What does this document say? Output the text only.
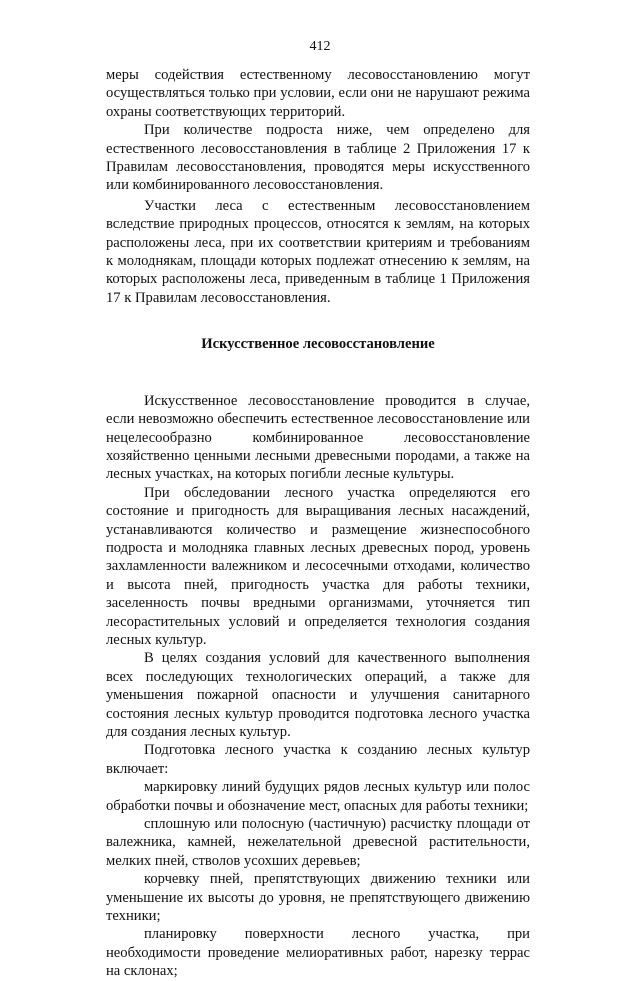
412

меры содействия естественному лесовосстановлению могут осуществляться только при условии, если они не нарушают режима охраны соответствующих территорий.

При количестве подроста ниже, чем определено для естественного лесовосстановления в таблице 2 Приложения 17 к Правилам лесовосстановления, проводятся меры искусственного или комбинированного лесовосстановления.

Участки леса с естественным лесовосстановлением вследствие природных процессов, относятся к землям, на которых расположены леса, при их соответствии критериям и требованиям к молоднякам, площади которых подлежат отнесению к землям, на которых расположены леса, приведенным в таблице 1 Приложения 17 к Правилам лесовосстановления.

Искусственное лесовосстановление

Искусственное лесовосстановление проводится в случае, если невозможно обеспечить естественное лесовосстановление или нецелесообразно комбинированное лесовосстановление хозяйственно ценными лесными древесными породами, а также на лесных участках, на которых погибли лесные культуры.

При обследовании лесного участка определяются его состояние и пригодность для выращивания лесных насаждений, устанавливаются количество и размещение жизнеспособного подроста и молодняка главных лесных древесных пород, уровень захламленности валежником и лесосечными отходами, количество и высота пней, пригодность участка для работы техники, заселенность почвы вредными организмами, уточняется тип лесорастительных условий и определяется технология создания лесных культур.

В целях создания условий для качественного выполнения всех последующих технологических операций, а также для уменьшения пожарной опасности и улучшения санитарного состояния лесных культур проводится подготовка лесного участка для создания лесных культур.

Подготовка лесного участка к созданию лесных культур включает:

маркировку линий будущих рядов лесных культур или полос обработки почвы и обозначение мест, опасных для работы техники;

сплошную или полосную (частичную) расчистку площади от валежника, камней, нежелательной древесной растительности, мелких пней, стволов усохших деревьев;

корчевку пней, препятствующих движению техники или уменьшение их высоты до уровня, не препятствующего движению техники;

планировку поверхности лесного участка, при необходимости проведение мелиоративных работ, нарезку террас на склонах;
